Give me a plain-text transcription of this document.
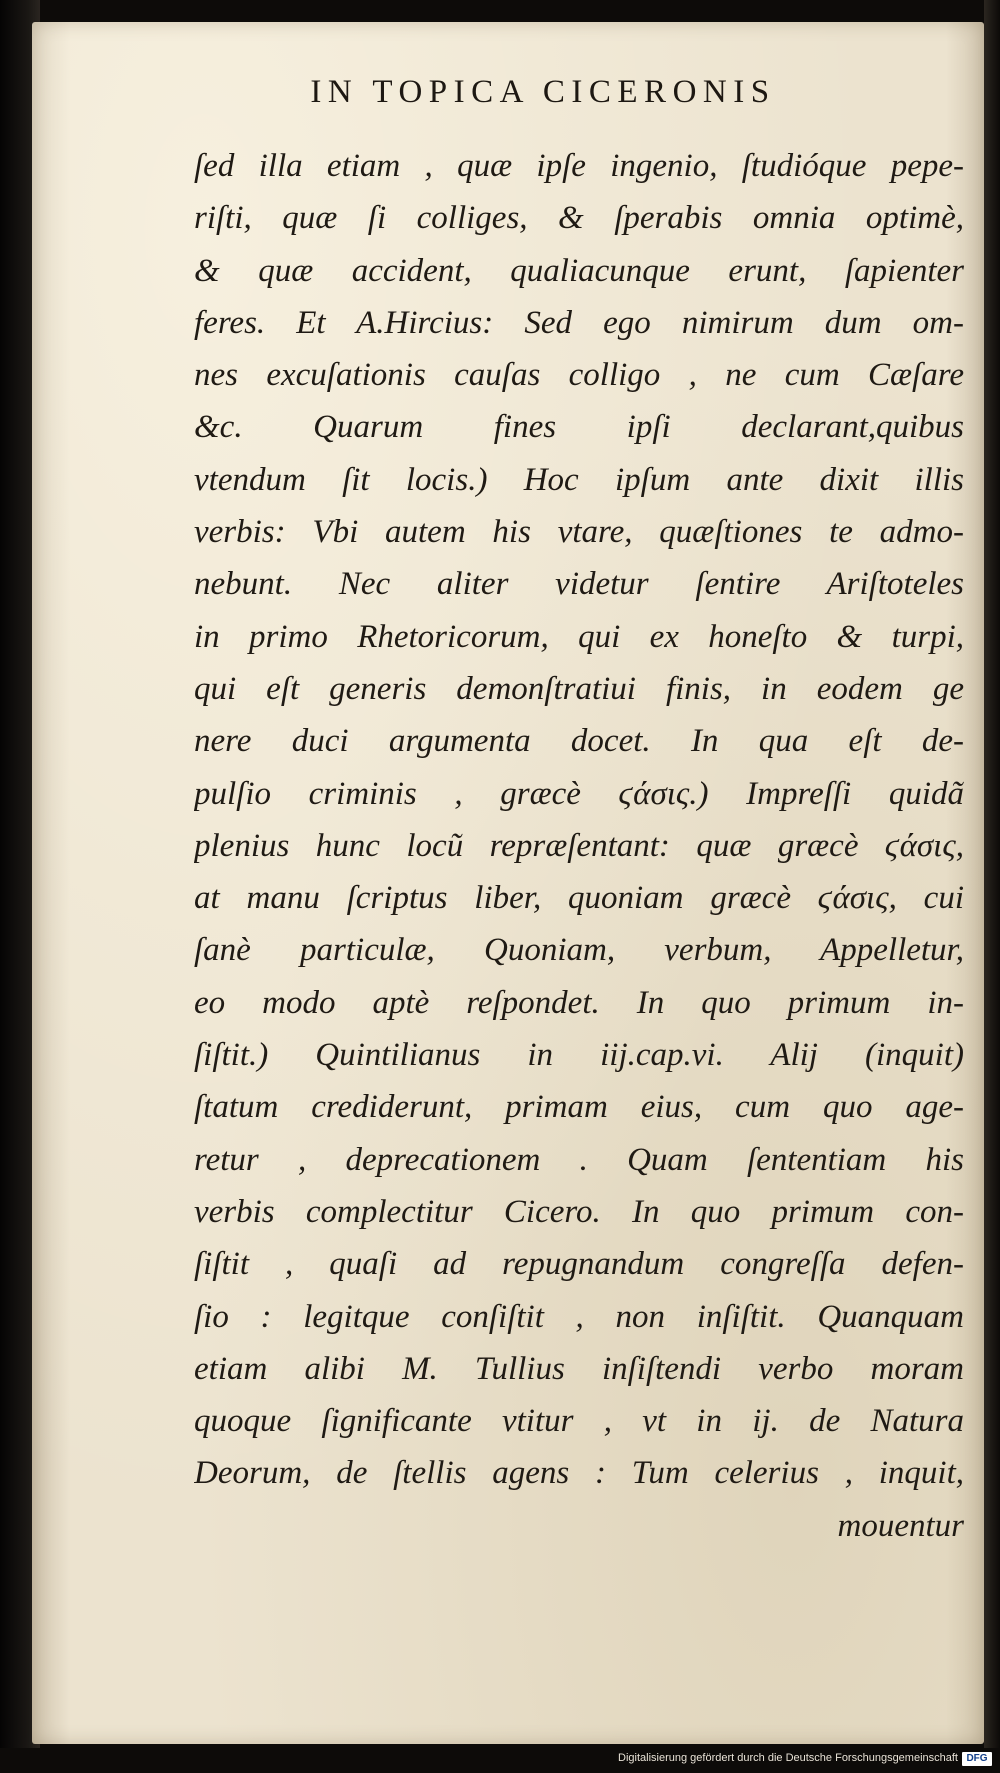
IN TOPICA CICERONIS
ſed illa etiam , quæ ipſe ingenio, ſtudióque pepe-
riſti, quæ ſi colliges, & ſperabis omnia optimè,
& quæ accident, qualiacunque erunt, ſapienter
feres. Et A.Hircius: Sed ego nimirum dum om-
nes excuſationis cauſas colligo , ne cum Cæſare
&c. Quarum fines ipſi declarant,quibus
vtendum ſit locis.) Hoc ipſum ante dixit illis
verbis: Vbi autem his vtare, quæſtiones te admo-
nebunt. Nec aliter videtur ſentire Ariſtoteles
in primo Rhetoricorum, qui ex honeſto & turpi,
qui eſt generis demonſtratiui finis, in eodem ge
nere duci argumenta docet. In qua eſt de-
pulſio criminis , græcè ϛάσις.) Impreſſi quidã
plenius hunc locũ repræſentant: quæ græcè ϛάσις,
at manu ſcriptus liber, quoniam græcè ϛάσις, cui
ſanè particulæ, Quoniam, verbum, Appelletur,
eo modo aptè reſpondet. In quo primum in-
ſiſtit.) Quintilianus in iij.cap.vi. Alij (inquit)
ſtatum crediderunt, primam eius, cum quo age-
retur , deprecationem . Quam ſententiam his
verbis complectitur Cicero. In quo primum con-
ſiſtit , quaſi ad repugnandum congreſſa defen-
ſio : legitque conſiſtit , non inſiſtit. Quanquam
etiam alibi M. Tullius inſiſtendi verbo moram
quoque ſignificante vtitur , vt in ij. de Natura
Deorum, de ſtellis agens : Tum celerius , inquit,
mouentur
Digitalisierung gefördert durch die Deutsche Forschungsgemeinschaft DFG
